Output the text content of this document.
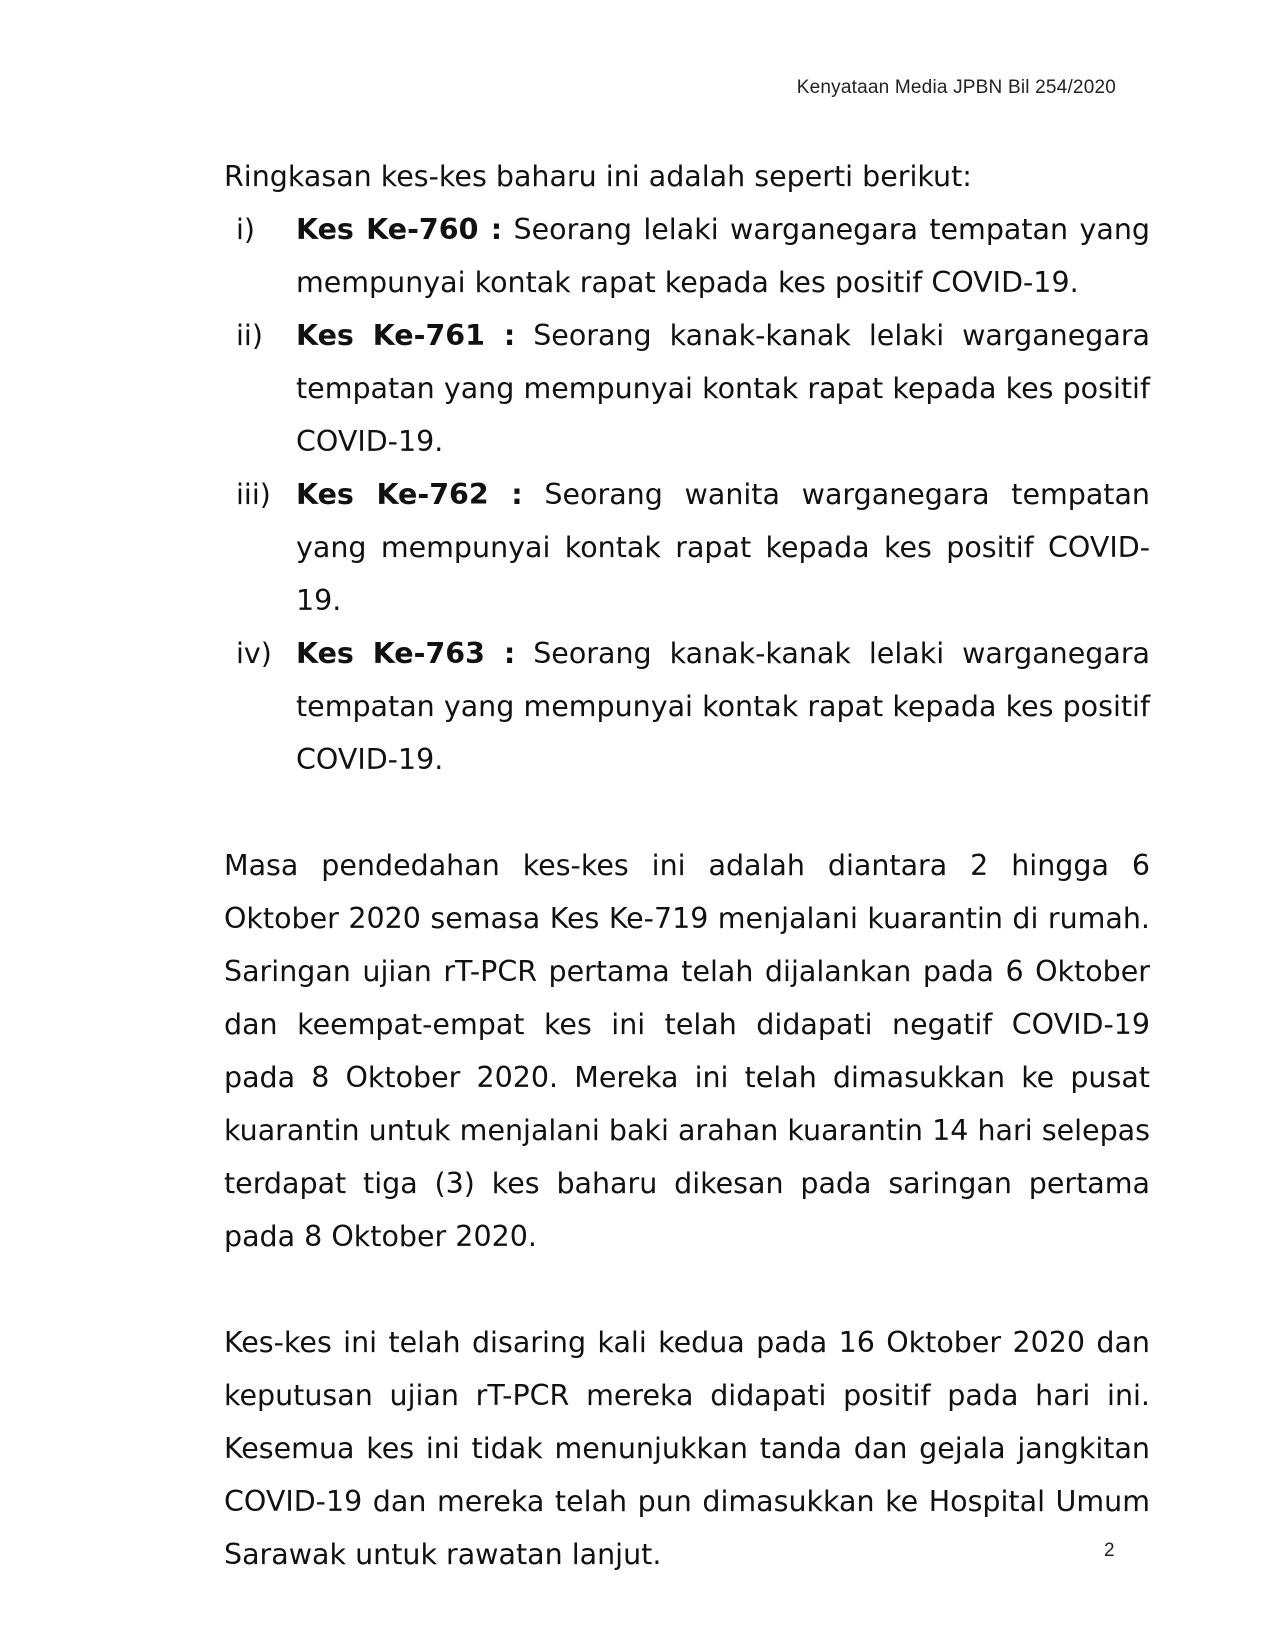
Kenyataan Media JPBN Bil 254/2020

Ringkasan kes-kes baharu ini adalah seperti berikut:

i)	Kes Ke-760 : Seorang lelaki warganegara tempatan yang mempunyai kontak rapat kepada kes positif COVID-19.
ii)	Kes Ke-761 : Seorang kanak-kanak lelaki warganegara tempatan yang mempunyai kontak rapat kepada kes positif COVID-19.
iii) Kes Ke-762 : Seorang wanita warganegara tempatan yang mempunyai kontak rapat kepada kes positif COVID-19.
iv) Kes Ke-763 : Seorang kanak-kanak lelaki warganegara tempatan yang mempunyai kontak rapat kepada kes positif COVID-19.

Masa pendedahan kes-kes ini adalah diantara 2 hingga 6 Oktober 2020 semasa Kes Ke-719 menjalani kuarantin di rumah. Saringan ujian rT-PCR pertama telah dijalankan pada 6 Oktober dan keempat-empat kes ini telah didapati negatif COVID-19 pada 8 Oktober 2020. Mereka ini telah dimasukkan ke pusat kuarantin untuk menjalani baki arahan kuarantin 14 hari selepas terdapat tiga (3) kes baharu dikesan pada saringan pertama pada 8 Oktober 2020.

Kes-kes ini telah disaring kali kedua pada 16 Oktober 2020 dan keputusan ujian rT-PCR mereka didapati positif pada hari ini. Kesemua kes ini tidak menunjukkan tanda dan gejala jangkitan COVID-19 dan mereka telah pun dimasukkan ke Hospital Umum Sarawak untuk rawatan lanjut.	2
